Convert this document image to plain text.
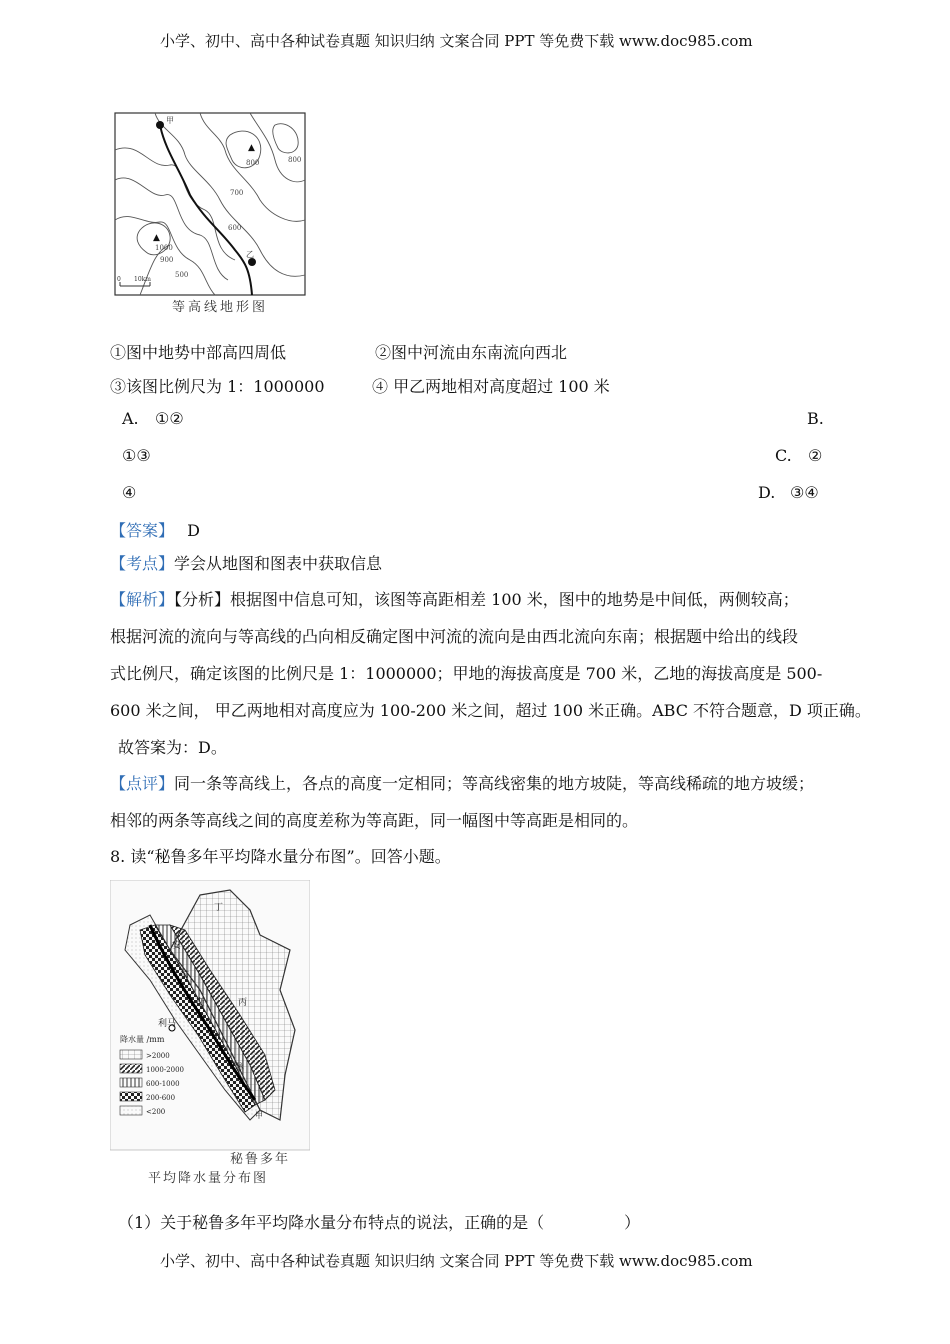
小学、初中、高中各种试卷真题 知识归纳 文案合同 PPT 等免费下载 www.doc985.com
甲
乙
▲
800	800
700
600
▲
1000
900
500
0 10km
等高线地形图
①图中地势中部高四周低	②图中河流由东南流向西北
③该图比例尺为 1：1000000	④ 甲乙两地相对高度超过 100 米
A. ①②	B.
①③	C. ②
④	D. ③④
【答案】 D
【考点】学会从地图和图表中获取信息
【解析】【分析】根据图中信息可知，该图等高距相差 100 米，图中的地势是中间低，两侧较高；
根据河流的流向与等高线的凸向相反确定图中河流的流向是由西北流向东南；根据题中给出的线段
式比例尺，确定该图的比例尺是 1：1000000；甲地的海拔高度是 700 米，乙地的海拔高度是 500-
600 米之间， 甲乙两地相对高度应为 100-200 米之间，超过 100 米正确。ABC 不符合题意，D 项正确。
故答案为：D。
【点评】同一条等高线上，各点的高度一定相同；等高线密集的地方坡陡，等高线稀疏的地方坡缓；
相邻的两条等高线之间的高度差称为等高距，同一幅图中等高距是相同的。
8. 读“秘鲁多年平均降水量分布图”。回答小题。
利马
丁
丙
甲
安
第
斯
山
脉
降水量 /mm
>2000
1000-2000
600-1000
200-600
<200
秘鲁多年
平均降水量分布图
（1）关于秘鲁多年平均降水量分布特点的说法，正确的是（　　　　　）
小学、初中、高中各种试卷真题 知识归纳 文案合同 PPT 等免费下载 www.doc985.com
